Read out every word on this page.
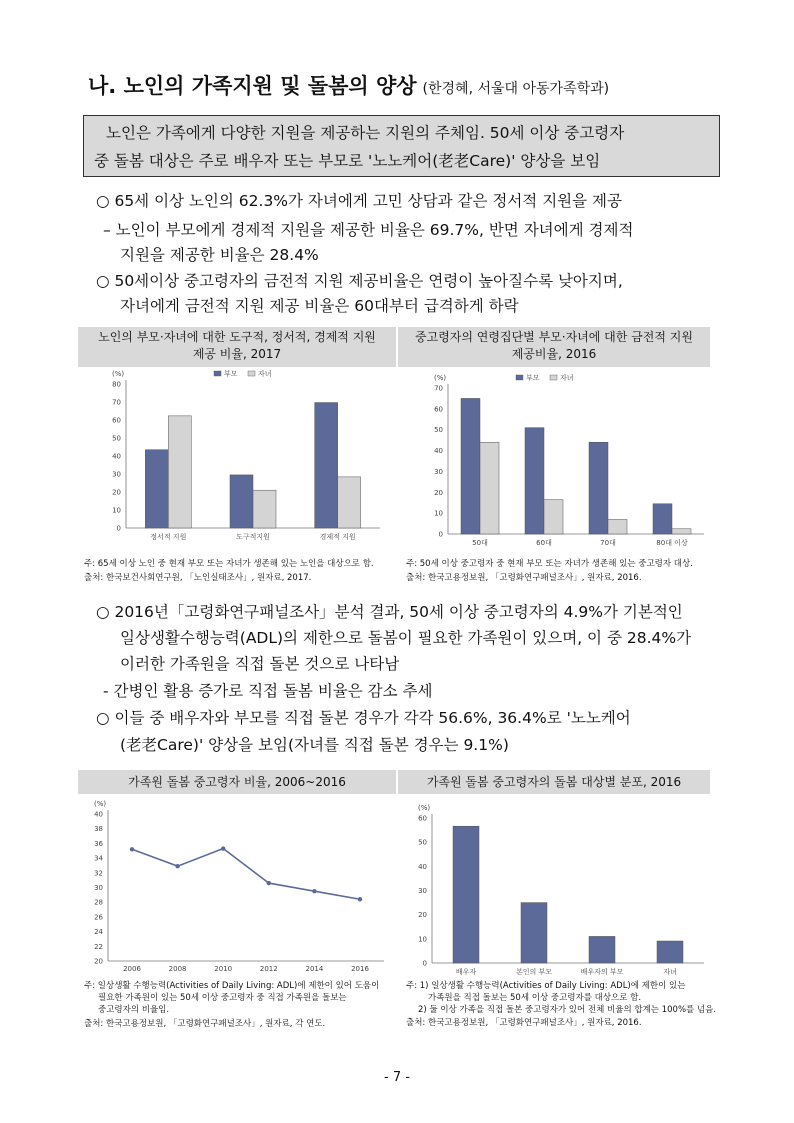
나. 노인의 가족지원 및 돌봄의 양상 (한경혜, 서울대 아동가족학과)

노인은 가족에게 다양한 지원을 제공하는 지원의 주체임. 50세 이상 중고령자

중 돌봄 대상은 주로 배우자 또는 부모로 '노노케어(老老Care)' 양상을 보임

○ 65세 이상 노인의 62.3%가 자녀에게 고민 상담과 같은 정서적 지원을 제공
– 노인이 부모에게 경제적 지원을 제공한 비율은 69.7%, 반면 자녀에게 경제적
지원을 제공한 비율은 28.4%
○ 50세이상 중고령자의 금전적 지원 제공비율은 연령이 높아질수록 낮아지며,
자녀에게 금전적 지원 제공 비율은 60대부터 급격하게 하락
노인의 부모·자녀에 대한 도구적, 정서적, 경제적 지원
제공 비율, 2017
중고령자의 연령집단별 부모·자녀에 대한 금전적 지원
제공비율, 2016
0
10
20
30
40
50
60
70
80
(%)
정서적 지원	도구적지원	경제적 지원
부모	자녀
0
10
20
30
40
50
60
70
(%)
50대	60대	70대	80대 이상
부모	자녀
주: 65세 이상 노인 중 현재 부모 또는 자녀가 생존해 있는 노인을 대상으로 함.
출처: 한국보건사회연구원, 「노인실태조사」, 원자료, 2017.
주: 50세 이상 중고령자 중 현재 부모 또는 자녀가 생존해 있는 중고령자 대상.
출처: 한국고용정보원, 「고령화연구패널조사」, 원자료, 2016.
○ 2016년「고령화연구패널조사」분석 결과, 50세 이상 중고령자의 4.9%가 기본적인
일상생활수행능력(ADL)의 제한으로 돌봄이 필요한 가족원이 있으며, 이 중 28.4%가
이러한 가족원을 직접 돌본 것으로 나타남
- 간병인 활용 증가로 직접 돌봄 비율은 감소 추세
○ 이들 중 배우자와 부모를 직접 돌본 경우가 각각 56.6%, 36.4%로 '노노케어
(老老Care)' 양상을 보임(자녀를 직접 돌본 경우는 9.1%)
가족원 돌봄 중고령자 비율, 2006~2016	가족원 돌봄 중고령자의 돌봄 대상별 분포, 2016
20
22
24
26
28
30
32
34
36
38
40
(%)
2006	2008	2010	2012	2014	2016
0
10
20
30
40
50
60
(%)
배우자	본인의 부모	배우자의 부모	자녀
주: 일상생활 수행능력(Activities of Daily Living: ADL)에 제한이 있어 도움이
필요한 가족원이 있는 50세 이상 중고령자 중 직접 가족원을 돌보는
중고령자의 비율임.
출처: 한국고용정보원, 「고령화연구패널조사」, 원자료, 각 연도.
주: 1) 일상생활 수행능력(Activities of Daily Living: ADL)에 제한이 있는
가족원을 직접 돌보는 50세 이상 중고령자를 대상으로 함.
2) 둘 이상 가족을 직접 돌본 중고령자가 있어 전체 비율의 합계는 100%를 넘음.
출처: 한국고용정보원, 「고령화연구패널조사」, 원자료, 2016.
- 7 -
